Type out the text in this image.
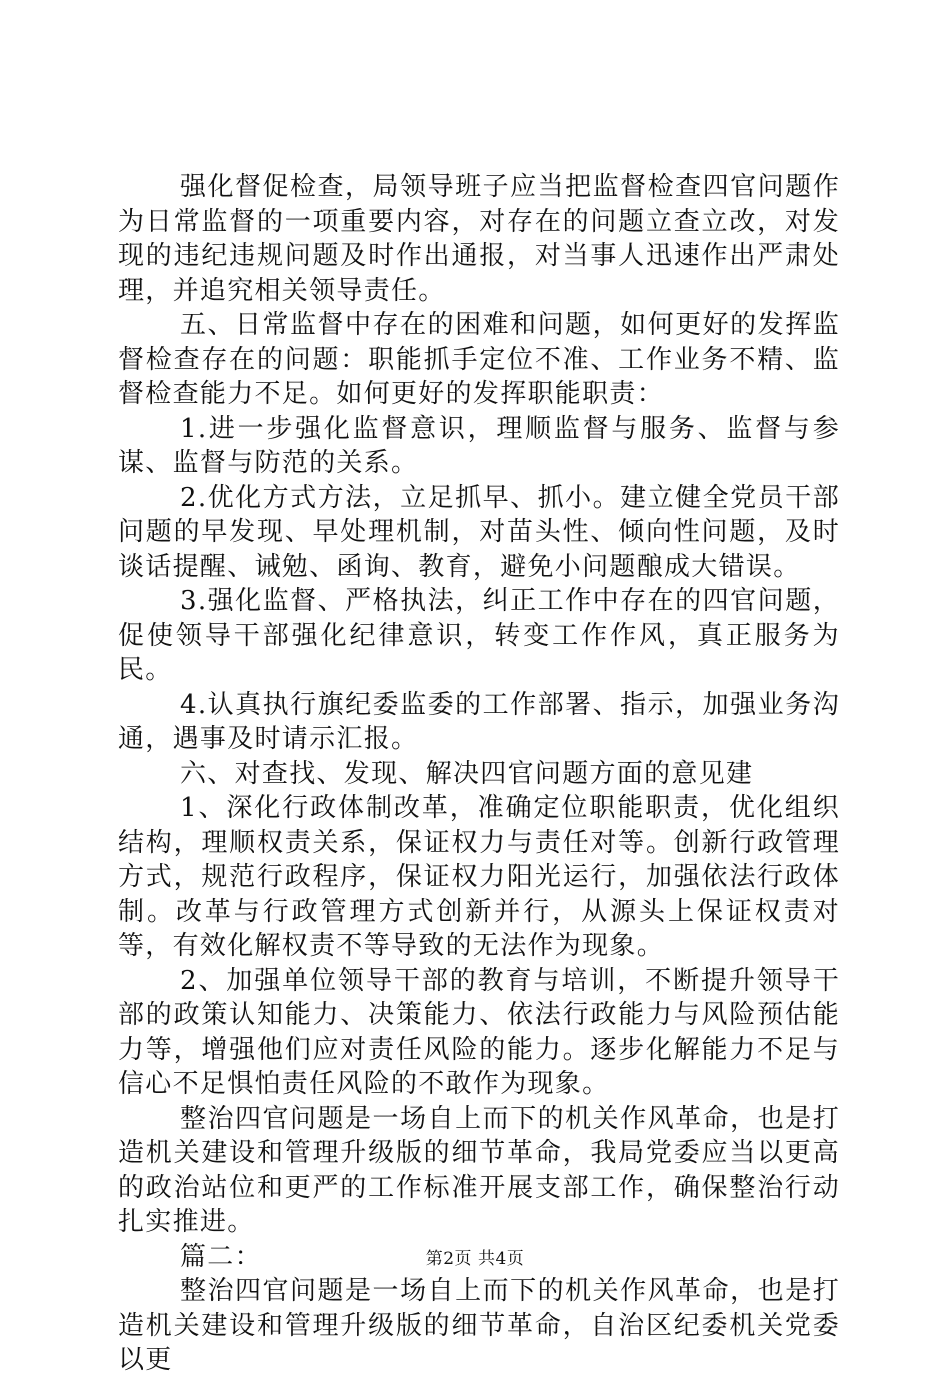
强化督促检查，局领导班子应当把监督检查四官问题作为日常监督的一项重要内容，对存在的问题立查立改，对发现的违纪违规问题及时作出通报，对当事人迅速作出严肃处理，并追究相关领导责任。

五、日常监督中存在的困难和问题，如何更好的发挥监督检查存在的问题：职能抓手定位不准、工作业务不精、监督检查能力不足。如何更好的发挥职能职责：

1.进一步强化监督意识，理顺监督与服务、监督与参谋、监督与防范的关系。

2.优化方式方法，立足抓早、抓小。建立健全党员干部问题的早发现、早处理机制，对苗头性、倾向性问题，及时谈话提醒、诫勉、函询、教育，避免小问题酿成大错误。

3.强化监督、严格执法，纠正工作中存在的四官问题，促使领导干部强化纪律意识，转变工作作风，真正服务为民。

4.认真执行旗纪委监委的工作部署、指示，加强业务沟通，遇事及时请示汇报。

六、对查找、发现、解决四官问题方面的意见建

1、深化行政体制改革，准确定位职能职责，优化组织结构，理顺权责关系，保证权力与责任对等。创新行政管理方式，规范行政程序，保证权力阳光运行，加强依法行政体制。改革与行政管理方式创新并行，从源头上保证权责对等，有效化解权责不等导致的无法作为现象。

2、加强单位领导干部的教育与培训，不断提升领导干部的政策认知能力、决策能力、依法行政能力与风险预估能力等，增强他们应对责任风险的能力。逐步化解能力不足与信心不足惧怕责任风险的不敢作为现象。

整治四官问题是一场自上而下的机关作风革命，也是打造机关建设和管理升级版的细节革命，我局党委应当以更高的政治站位和更严的工作标准开展支部工作，确保整治行动扎实推进。

篇二：

整治四官问题是一场自上而下的机关作风革命，也是打造机关建设和管理升级版的细节革命，自治区纪委机关党委以更

第2页 共4页
